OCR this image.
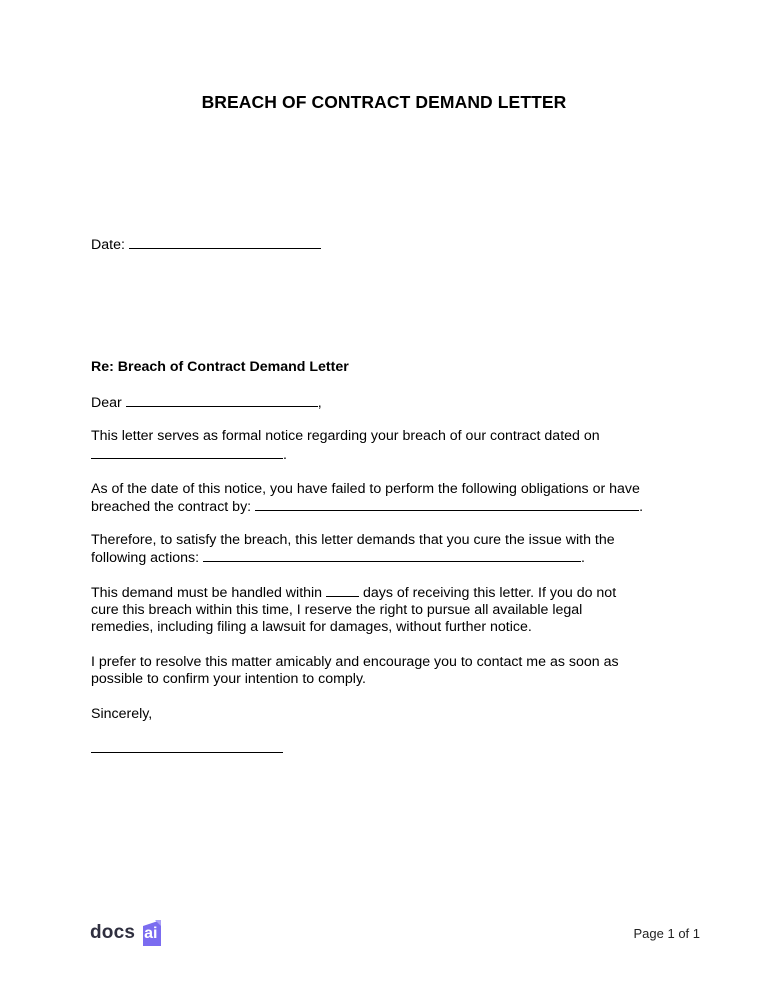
BREACH OF CONTRACT DEMAND LETTER
Date:
Re: Breach of Contract Demand Letter
Dear	,
This letter serves as formal notice regarding your breach of our contract dated on
.
As of the date of this notice, you have failed to perform the following obligations or have
breached the contract by:	.
Therefore, to satisfy the breach, this letter demands that you cure the issue with the
following actions:	.
This demand must be handled within	days of receiving this letter. If you do not
cure this breach within this time, I reserve the right to pursue all available legal
remedies, including filing a lawsuit for damages, without further notice.
I prefer to resolve this matter amicably and encourage you to contact me as soon as
possible to confirm your intention to comply.
Sincerely,
docs ai	Page 1 of 1
